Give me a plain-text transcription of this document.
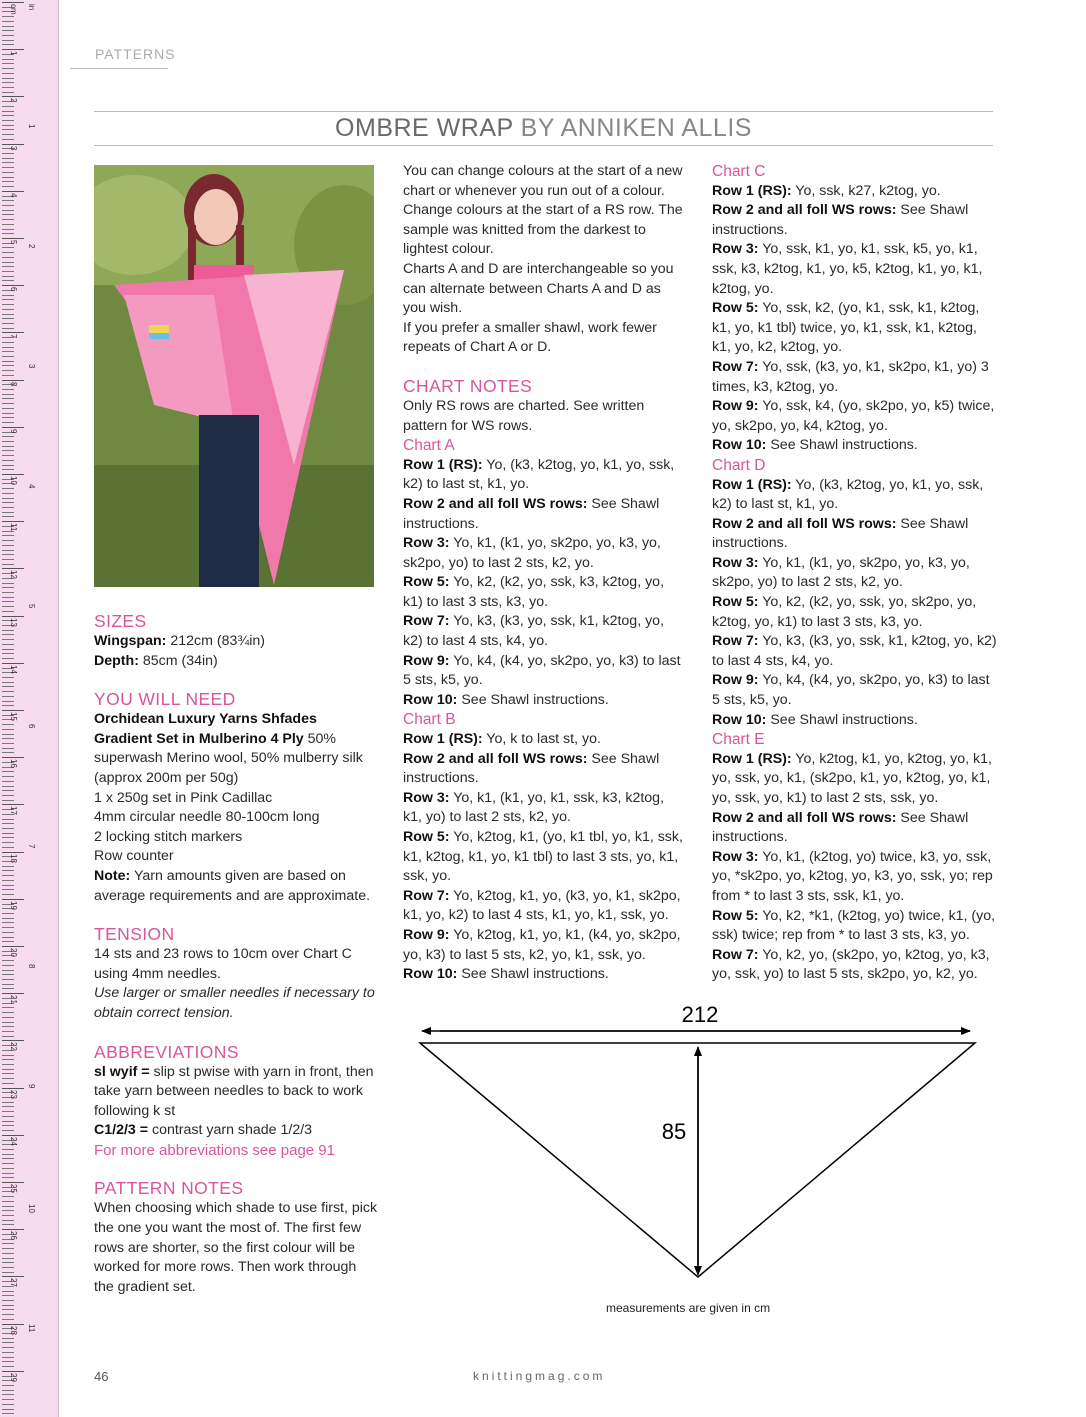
cm
1
2
3
4
5
6
7
8
9
10
11
12
13
14
15
16
17
18
19
20
21
22
23
24
25
26
27
28
29
in
1
2
3
4
5
6
7
8
9
10
11
PATTERNS
OMBRE WRAP BY ANNIKEN ALLIS

SIZES

Wingspan: 212cm (83¾in)

Depth: 85cm (34in)

YOU WILL NEED

Orchidean Luxury Yarns Shfades Gradient Set in Mulberino 4 Ply 50% superwash Merino wool, 50% mulberry silk (approx 200m per 50g)

1 x 250g set in Pink Cadillac

4mm circular needle 80-100cm long

2 locking stitch markers

Row counter

Note: Yarn amounts given are based on average requirements and are approximate.

TENSION

14 sts and 23 rows to 10cm over Chart C using 4mm needles.

Use larger or smaller needles if necessary to obtain correct tension.

ABBREVIATIONS

sl wyif = slip st pwise with yarn in front, then take yarn between needles to back to work following k st

C1/2/3 = contrast yarn shade 1/2/3

For more abbreviations see page 91

PATTERN NOTES

When choosing which shade to use first, pick the one you want the most of. The first few rows are shorter, so the first colour will be worked for more rows. Then work through the gradient set.

You can change colours at the start of a new chart or whenever you run out of a colour. Change colours at the start of a RS row. The sample was knitted from the darkest to lightest colour.

Charts A and D are interchangeable so you can alternate between Charts A and D as you wish.

If you prefer a smaller shawl, work fewer repeats of Chart A or D.

CHART NOTES

Only RS rows are charted. See written pattern for WS rows.

Chart A

Row 1 (RS): Yo, (k3, k2tog, yo, k1, yo, ssk, k2) to last st, k1, yo.

Row 2 and all foll WS rows: See Shawl instructions.

Row 3: Yo, k1, (k1, yo, sk2po, yo, k3, yo, sk2po, yo) to last 2 sts, k2, yo.

Row 5: Yo, k2, (k2, yo, ssk, k3, k2tog, yo, k1) to last 3 sts, k3, yo.

Row 7: Yo, k3, (k3, yo, ssk, k1, k2tog, yo, k2) to last 4 sts, k4, yo.

Row 9: Yo, k4, (k4, yo, sk2po, yo, k3) to last 5 sts, k5, yo.

Row 10: See Shawl instructions.

Chart B

Row 1 (RS): Yo, k to last st, yo.

Row 2 and all foll WS rows: See Shawl instructions.

Row 3: Yo, k1, (k1, yo, k1, ssk, k3, k2tog, k1, yo) to last 2 sts, k2, yo.

Row 5: Yo, k2tog, k1, (yo, k1 tbl, yo, k1, ssk, k1, k2tog, k1, yo, k1 tbl) to last 3 sts, yo, k1, ssk, yo.

Row 7: Yo, k2tog, k1, yo, (k3, yo, k1, sk2po, k1, yo, k2) to last 4 sts, k1, yo, k1, ssk, yo.

Row 9: Yo, k2tog, k1, yo, k1, (k4, yo, sk2po, yo, k3) to last 5 sts, k2, yo, k1, ssk, yo.

Row 10: See Shawl instructions.

Chart C

Row 1 (RS): Yo, ssk, k27, k2tog, yo.

Row 2 and all foll WS rows: See Shawl instructions.

Row 3: Yo, ssk, k1, yo, k1, ssk, k5, yo, k1, ssk, k3, k2tog, k1, yo, k5, k2tog, k1, yo, k1, k2tog, yo.

Row 5: Yo, ssk, k2, (yo, k1, ssk, k1, k2tog, k1, yo, k1 tbl) twice, yo, k1, ssk, k1, k2tog, k1, yo, k2, k2tog, yo.

Row 7: Yo, ssk, (k3, yo, k1, sk2po, k1, yo) 3 times, k3, k2tog, yo.

Row 9: Yo, ssk, k4, (yo, sk2po, yo, k5) twice, yo, sk2po, yo, k4, k2tog, yo.

Row 10: See Shawl instructions.

Chart D

Row 1 (RS): Yo, (k3, k2tog, yo, k1, yo, ssk, k2) to last st, k1, yo.

Row 2 and all foll WS rows: See Shawl instructions.

Row 3: Yo, k1, (k1, yo, sk2po, yo, k3, yo, sk2po, yo) to last 2 sts, k2, yo.

Row 5: Yo, k2, (k2, yo, ssk, yo, sk2po, yo, k2tog, yo, k1) to last 3 sts, k3, yo.

Row 7: Yo, k3, (k3, yo, ssk, k1, k2tog, yo, k2) to last 4 sts, k4, yo.

Row 9: Yo, k4, (k4, yo, sk2po, yo, k3) to last 5 sts, k5, yo.

Row 10: See Shawl instructions.

Chart E

Row 1 (RS): Yo, k2tog, k1, yo, k2tog, yo, k1, yo, ssk, yo, k1, (sk2po, k1, yo, k2tog, yo, k1, yo, ssk, yo, k1) to last 2 sts, ssk, yo.

Row 2 and all foll WS rows: See Shawl instructions.

Row 3: Yo, k1, (k2tog, yo) twice, k3, yo, ssk, yo, *sk2po, yo, k2tog, yo, k3, yo, ssk, yo; rep from * to last 3 sts, ssk, k1, yo.

Row 5: Yo, k2, *k1, (k2tog, yo) twice, k1, (yo, ssk) twice; rep from * to last 3 sts, k3, yo.

Row 7: Yo, k2, yo, (sk2po, yo, k2tog, yo, k3, yo, ssk, yo) to last 5 sts, sk2po, yo, k2, yo.

212
85
measurements are given in cm
46	knittingmag.com
